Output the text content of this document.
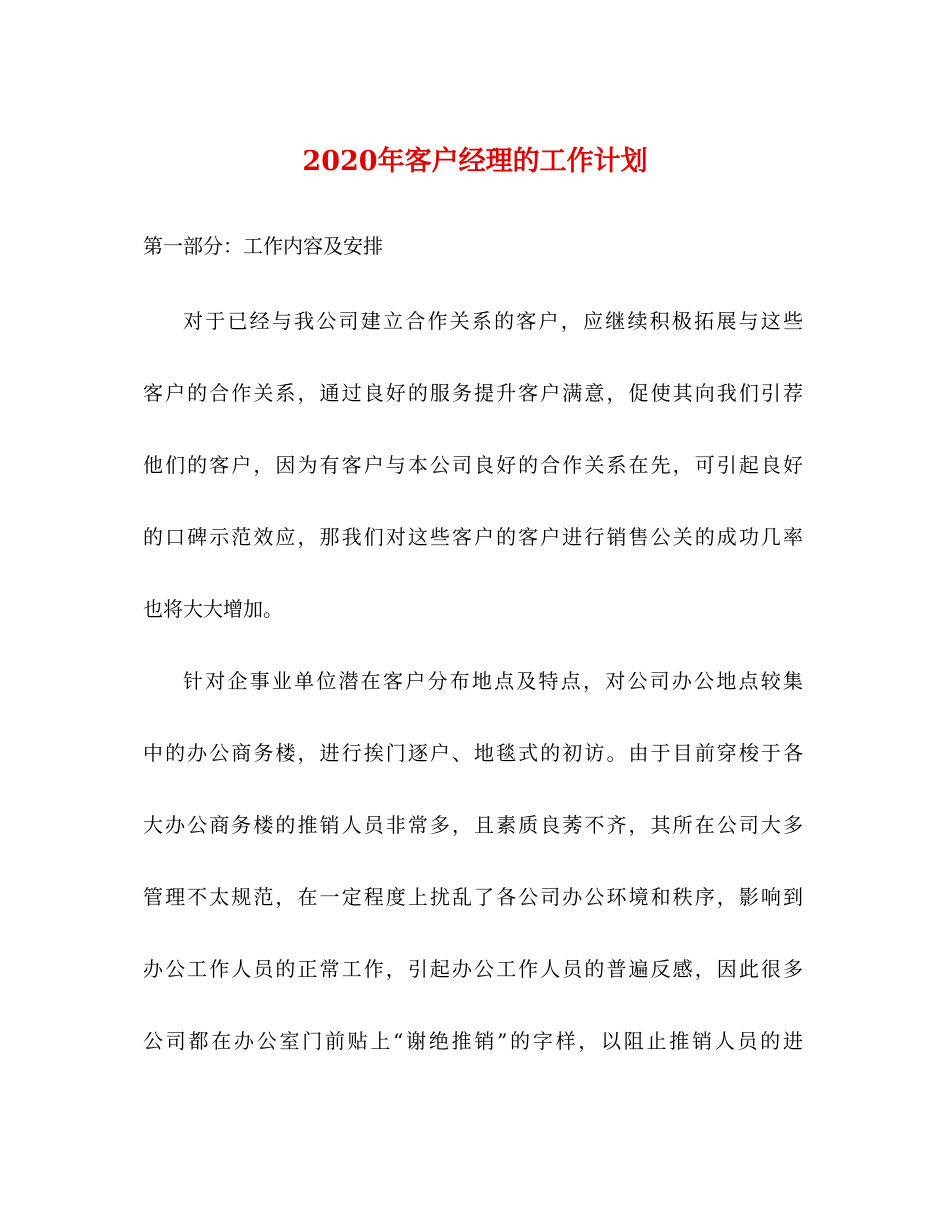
2020年客户经理的工作计划
第一部分：工作内容及安排
对于已经与我公司建立合作关系的客户，应继续积极拓展与这些
客户的合作关系，通过良好的服务提升客户满意，促使其向我们引荐
他们的客户，因为有客户与本公司良好的合作关系在先，可引起良好
的口碑示范效应，那我们对这些客户的客户进行销售公关的成功几率
也将大大增加。
针对企事业单位潜在客户分布地点及特点，对公司办公地点较集
中的办公商务楼，进行挨门逐户、地毯式的初访。由于目前穿梭于各
大办公商务楼的推销人员非常多，且素质良莠不齐，其所在公司大多
管理不太规范，在一定程度上扰乱了各公司办公环境和秩序，影响到
办公工作人员的正常工作，引起办公工作人员的普遍反感，因此很多
公司都在办公室门前贴上“谢绝推销”的字样，以阻止推销人员的进
